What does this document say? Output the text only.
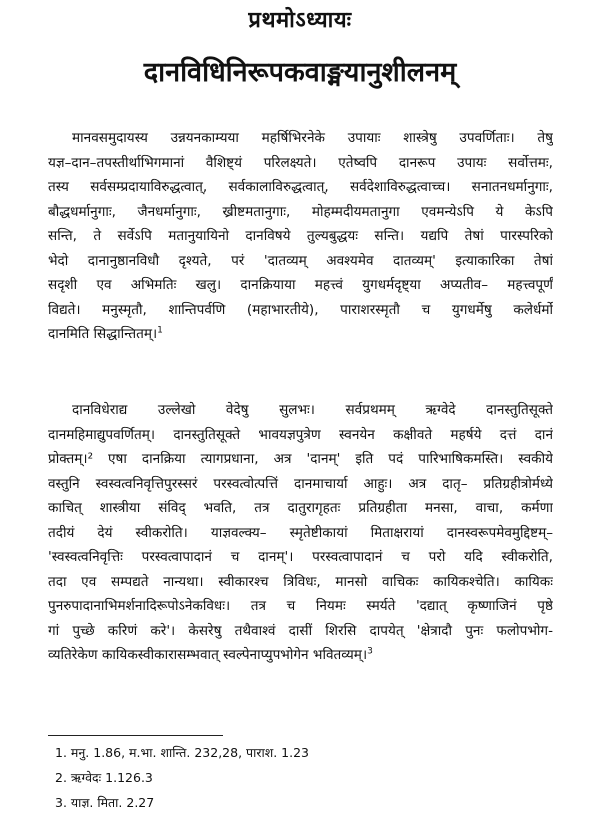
प्रथमोऽध्यायः
दानविधिनिरूपकवाङ्मयानुशीलनम्
मानवसमुदायस्य उन्नयनकाम्यया महर्षिभिरनेके उपायाः शास्त्रेषु उपवर्णिताः। तेषु
यज्ञ–दान–तपस्तीर्थाभिगमानां वैशिष्ट्यं परिलक्ष्यते। एतेष्वपि दानरूप उपायः सर्वोत्तमः,
तस्य सर्वसम्प्रदायाविरुद्धत्वात्, सर्वकालाविरुद्धत्वात्, सर्वदेशाविरुद्धत्वाच्च। सनातनधर्मानुगाः,
बौद्धधर्मानुगाः, जैनधर्मानुगाः, ख्रीष्टमतानुगाः, मोहम्मदीयमतानुगा एवमन्येऽपि ये केऽपि
सन्ति, ते सर्वेऽपि मतानुयायिनो दानविषये तुल्यबुद्धयः सन्ति। यद्यपि तेषां पारस्परिको
भेदो दानानुष्ठानविधौ दृश्यते, परं 'दातव्यम् अवश्यमेव दातव्यम्' इत्याकारिका तेषां
सदृशी एव अभिमतिः खलु। दानक्रियाया महत्त्वं युगधर्मदृष्ट्या अप्यतीव– महत्त्वपूर्णं
विद्यते। मनुस्मृतौ, शान्तिपर्वणि (महाभारतीये), पाराशरस्मृतौ च युगधर्मेषु कलेर्धर्मो
दानमिति सिद्धान्तितम्।$^1$
दानविधेराद्य उल्लेखो वेदेषु सुलभः। सर्वप्रथमम् ऋग्वेदे दानस्तुतिसूक्ते
दानमहिमाद्युपवर्णितम्। दानस्तुतिसूक्ते भावयज्ञपुत्रेण स्वनयेन कक्षीवते महर्षये दत्तं दानं
प्रोक्तम्।² एषा दानक्रिया त्यागप्रधाना, अत्र 'दानम्' इति पदं पारिभाषिकमस्ति। स्वकीये
वस्तुनि स्वस्वत्वनिवृत्तिपुरस्सरं परस्वत्वोत्पत्तिं दानमाचार्या आहुः। अत्र दातृ– प्रतिग्रहीत्रोर्मध्ये
काचित् शास्त्रीया संविद् भवति, तत्र दातुरागृहतः प्रतिग्रहीता मनसा, वाचा, कर्मणा
तदीयं देयं स्वीकरोति। याज्ञवल्क्य– स्मृतेष्टीकायां मिताक्षरायां दानस्वरूपमेवमुद्दिष्टम्–
'स्वस्वत्वनिवृत्तिः परस्वत्वापादानं च दानम्'। परस्वत्वापादानं च परो यदि स्वीकरोति,
तदा एव सम्पद्यते नान्यथा। स्वीकारश्च त्रिविधः, मानसो वाचिकः कायिकश्चेति। कायिकः
पुनरुपादानाभिमर्शनादिरूपोऽनेकविधः। तत्र च नियमः स्मर्यते 'दद्यात् कृष्णाजिनं पृष्ठे
गां पुच्छे करिणं करे'। केसरेषु तथैवाश्वं दासीं शिरसि दापयेत् 'क्षेत्रादौ पुनः फलोपभोग-
व्यतिरेकेण कायिकस्वीकारासम्भवात् स्वल्पेनाप्युपभोगेन भवितव्यम्।$^3$
1. मनु. 1.86, म.भा. शान्ति. 232,28, पाराश. 1.23
2. ऋग्वेदः 1.126.3
3. याज्ञ. मिता. 2.27
